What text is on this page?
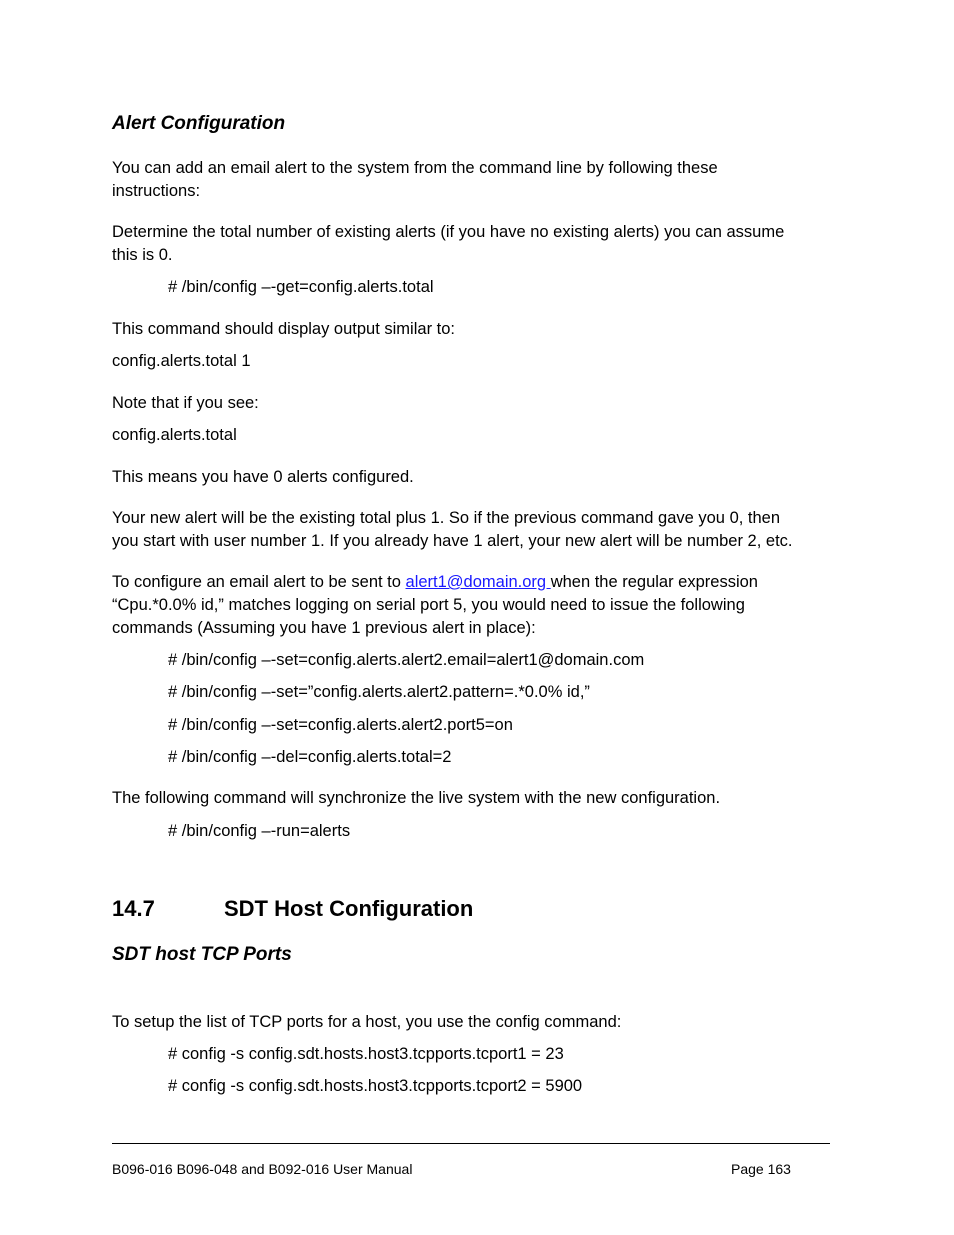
Alert Configuration
You can add an email alert to the system from the command line by following these
instructions:
Determine the total number of existing alerts (if you have no existing alerts) you can assume
this is 0.
# /bin/config –-get=config.alerts.total
This command should display output similar to:
config.alerts.total 1
Note that if you see:
config.alerts.total
This means you have 0 alerts configured.
Your new alert will be the existing total plus 1. So if the previous command gave you 0, then
you start with user number 1. If you already have 1 alert, your new alert will be number 2, etc.
To configure an email alert to be sent to alert1@domain.org when the regular expression
“Cpu.*0.0% id,” matches logging on serial port 5, you would need to issue the following
commands (Assuming you have 1 previous alert in place):
# /bin/config –-set=config.alerts.alert2.email=alert1@domain.com
# /bin/config –-set=”config.alerts.alert2.pattern=.*0.0% id,”
# /bin/config –-set=config.alerts.alert2.port5=on
# /bin/config –-del=config.alerts.total=2
The following command will synchronize the live system with the new configuration.
# /bin/config –-run=alerts
14.7	SDT Host Configuration
SDT host TCP Ports
To setup the list of TCP ports for a host, you use the config command:
# config -s config.sdt.hosts.host3.tcpports.tcport1 = 23
# config -s config.sdt.hosts.host3.tcpports.tcport2 = 5900
B096-016 B096-048 and B092-016 User Manual	Page 163
